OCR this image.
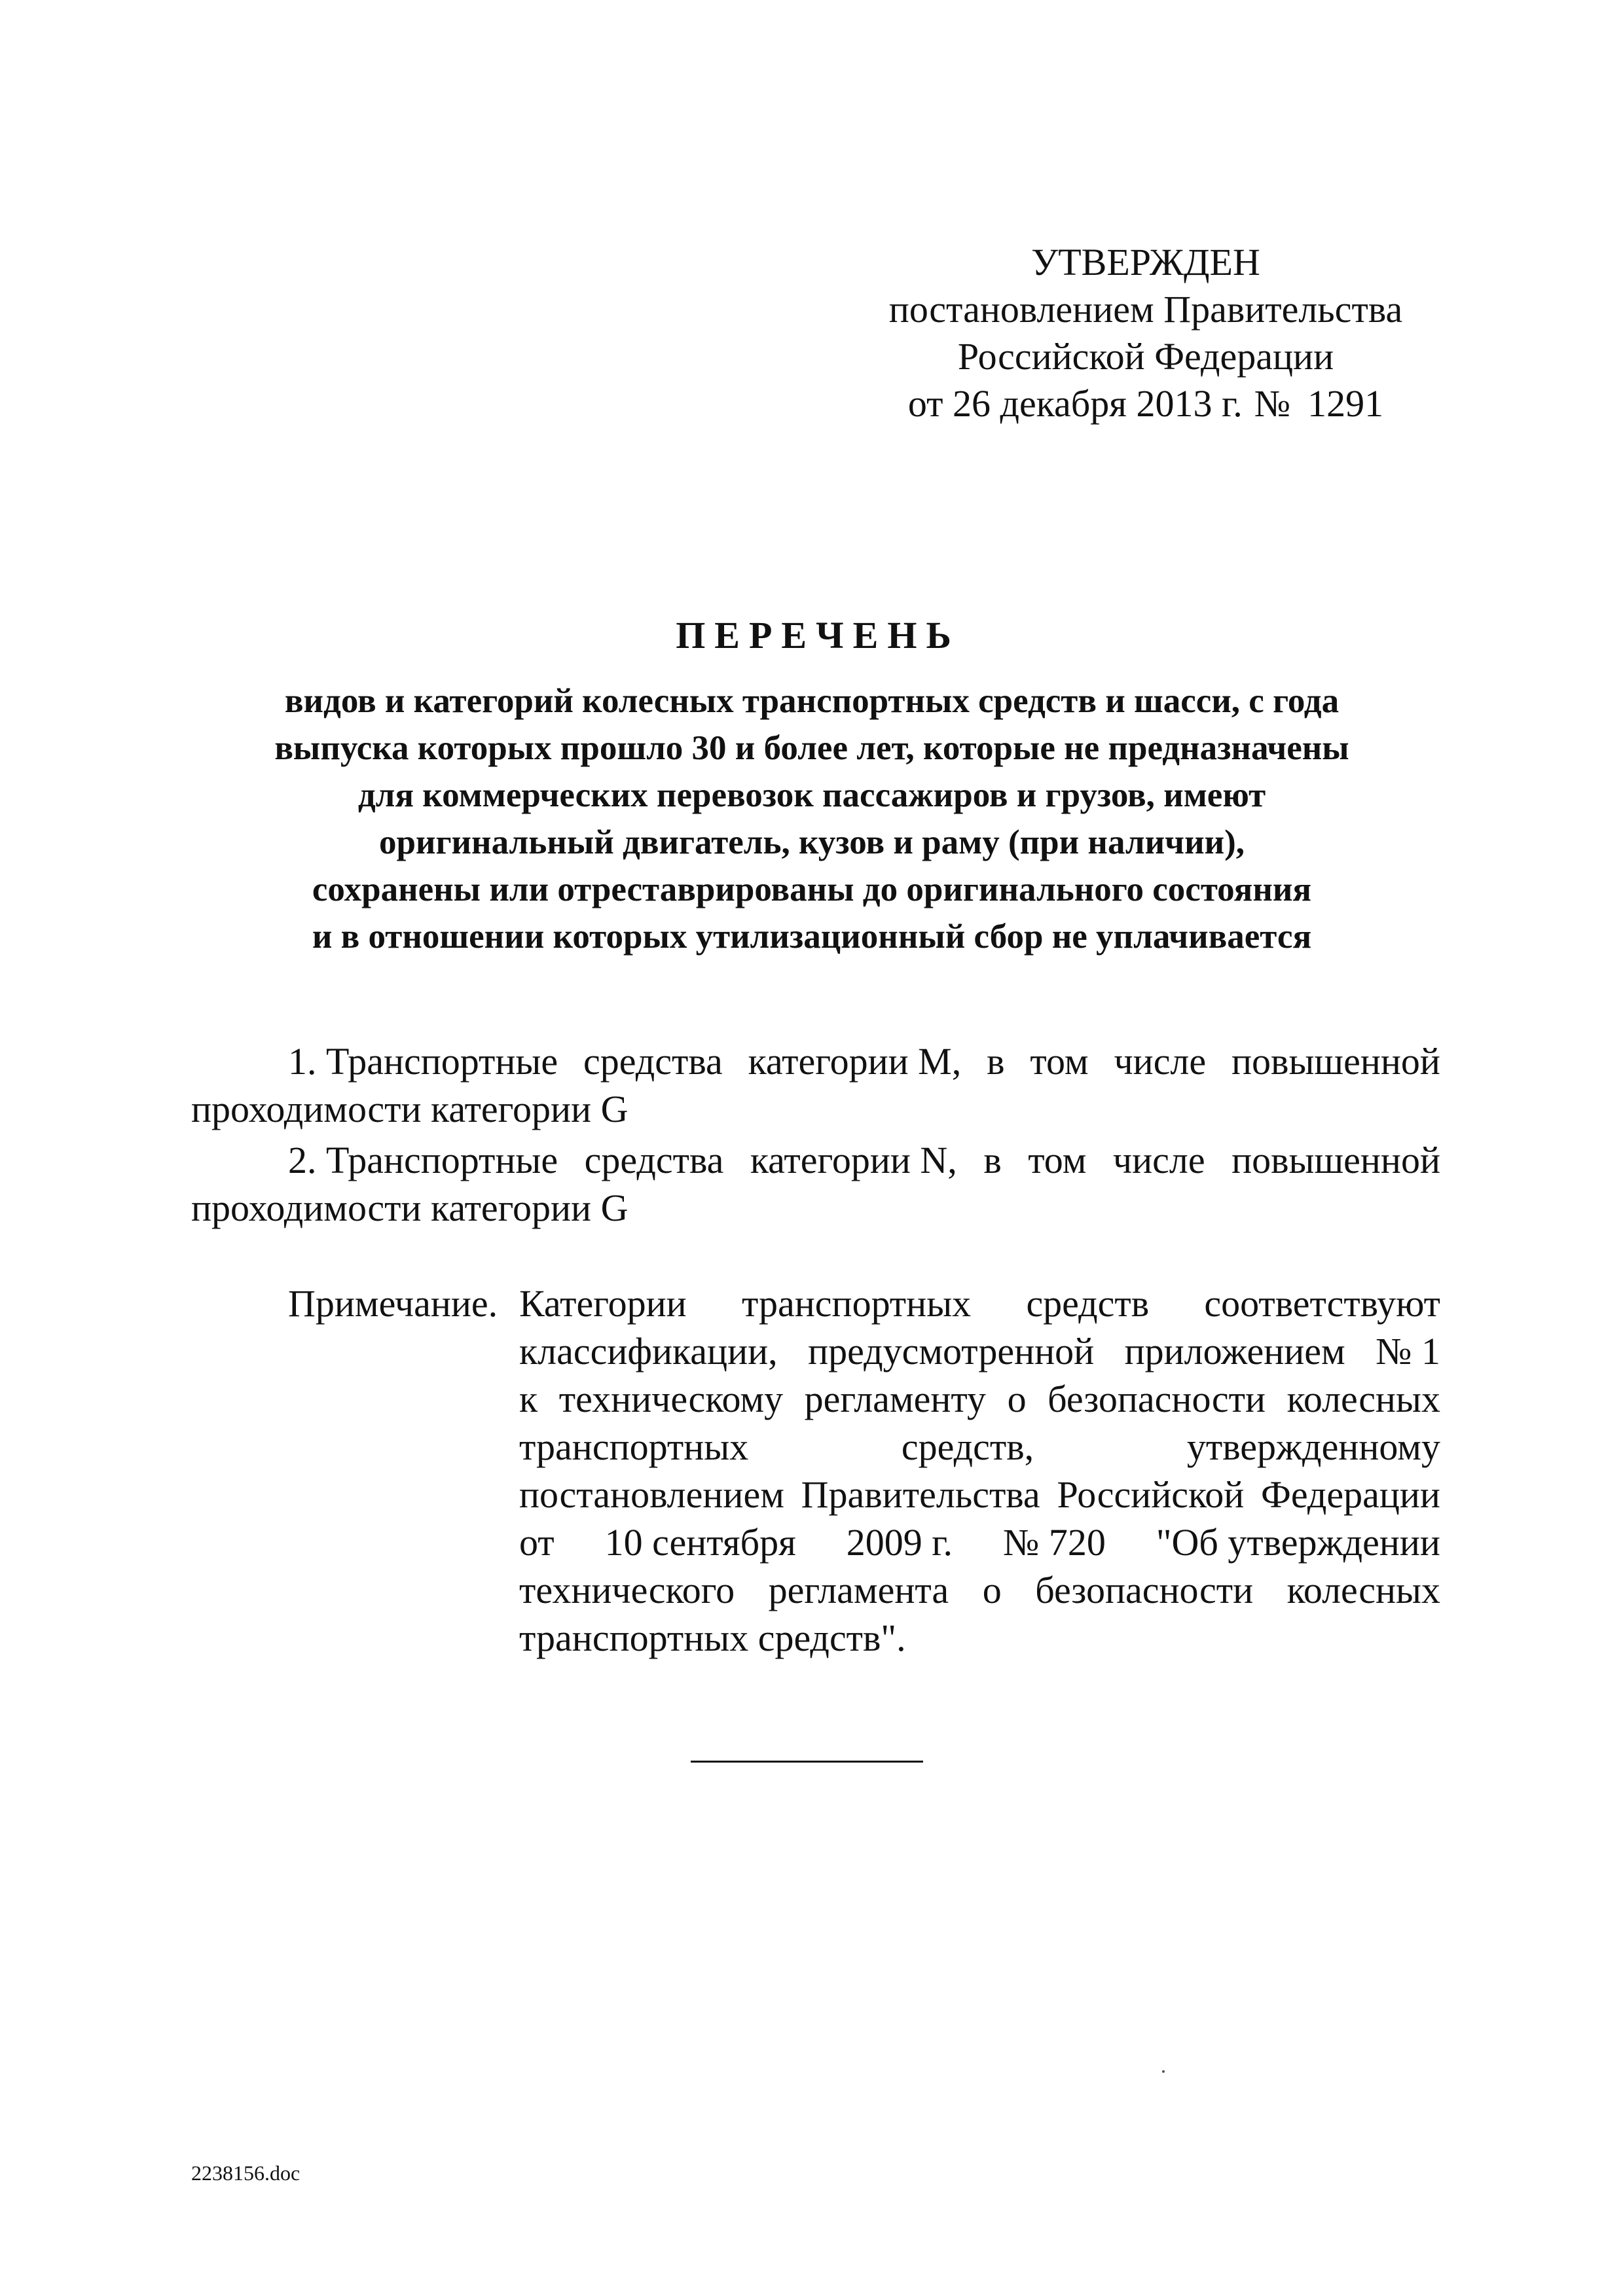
УТВЕРЖДЕН
постановлением Правительства
Российской Федерации
от 26 декабря 2013 г. № 1291
ПЕРЕЧЕНЬ
видов и категорий колесных транспортных средств и шасси, с года
выпуска которых прошло 30 и более лет, которые не предназначены
для коммерческих перевозок пассажиров и грузов, имеют
оригинальный двигатель, кузов и раму (при наличии),
сохранены или отреставрированы до оригинального состояния
и в отношении которых утилизационный сбор не уплачивается
1. Транспортные средства категории M, в том числе повышенной
проходимости категории G
2. Транспортные средства категории N, в том числе повышенной
проходимости категории G
Примечание. Категории транспортных средств соответствуют
классификации, предусмотренной приложением № 1
к техническому регламенту о безопасности колесных
транспортных	средств,	утвержденному
постановлением Правительства Российской Федерации
от 10 сентября 2009 г. № 720 "Об утверждении
технического регламента о безопасности колесных
транспортных средств".
2238156.doc
